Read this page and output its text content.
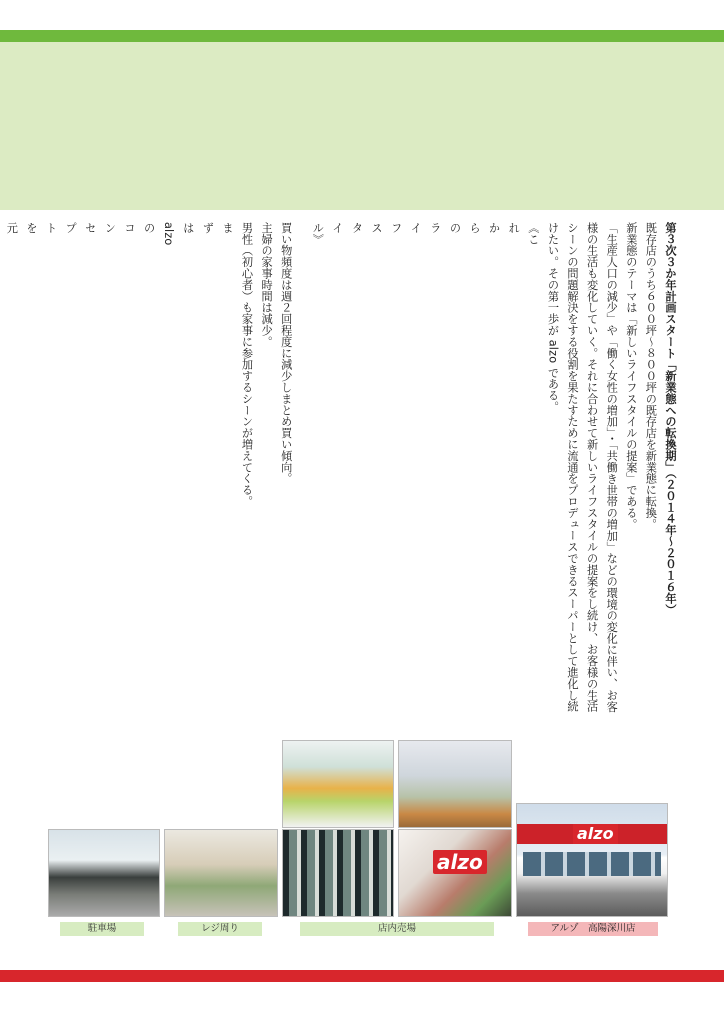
第３次３か年計画スタート「新業態への転換期」（２０１４年〜２０１６年）

既存店のうち６００坪〜８００坪の既存店を新業態に転換。

新業態のテーマは「新しいライフスタイルの提案」である。

「生産人口の減少」や「働く女性の増加」・「共働き世帯の増加」などの環境の変化に伴い、お客様の生活も変化していく。それに合わせて新しいライフスタイルの提案をし続け、お客様の生活シーンの問題解決をする役割を果たすために流通をプロデュースできるスーパーとして進化し続けたい。その第一歩が alzo である。

《これからのライフスタイル》

買い物頻度は週２回程度に減少しまとめ買い傾向。

主婦の家事時間は減少。

男性（初心者）も家事に参加するシーンが増えてくる。

まずは alzo のコンセプトを元

alzo
alzo
駐車場	レジ周り	店内売場	アルゾ　高陽深川店
